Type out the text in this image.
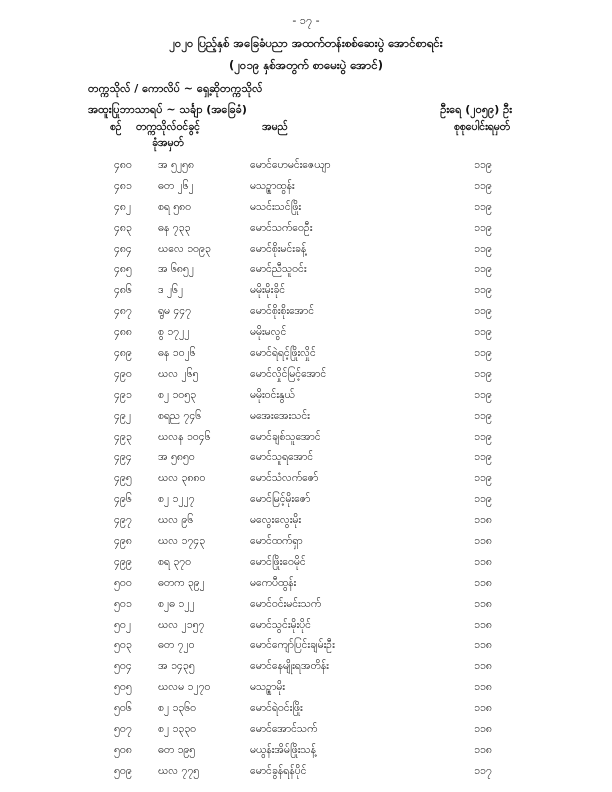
- ၁၇ -
၂၀၂၀ ပြည့်နှစ် အခြေခံပညာ အထက်တန်းစစ်ဆေးပွဲ အောင်စာရင်း
(၂၀၁၉ နှစ်အတွက် စာမေးပွဲ အောင်)
တက္ကသိုလ် / ကောလိပ် ~ ရှေ့ဆိုတက္ကသိုလ်
အထူးပြုဘာသာရပ် ~ သင်္ချာ (အခြေခံ)	ဦးရေ (၂၀၅၉) ဦး
စဉ် တက္ကသိုလ်ဝင်ခွင့်
ခုံအမှတ်
အမည်	စုစုပေါင်းရမှတ်
၄၈၀ အ ၅၂၅၈	မောင်ဟေမင်းဇေယျာ	၁၁၉
၄၈၁ ဓတ ၂၆၂	မသဉ္စာထွန်း	၁၁၉
၄၈၂	စရ ၅၈၀	မသင်းသင်ဖြိုး	၁၁၉
၄၈၃ ဓန ၇၃၃	မောင်သက်ဝေဦး	၁၁၉
၄၈၄ ဃလေ ၁၀၉၃	မောင်စိုးမင်းခန့်	၁၁၉
၄၈၅ အ ၆၈၅၂	မောင်ညီသူဝင်း	၁၁၉
၄၈၆ ဒ ၂၆၂	မမိုးမိုးခိုင်	၁၁၉
၄၈၇ ရွမ ၄၄၇	မောင်စိုးစိုးအောင်	၁၁၉
၄၈၈ စွ ၁၇၂၂	မမိုးမလွင်	၁၁၉
၄၈၉ ဓန ၁၀၂၆	မောင်ရဲရင့်ဖြိုးလှိုင်	၁၁၉
၄၉၀	ဃလ ၂၆၅	မောင်လှိုင်မြင့်အောင်	၁၁၉
၄၉၁	စ၂ ၁၀၅၃	မမိုးဝင်းနွယ်	၁၁၉
၄၉၂	စရည ၇၄၆	မအေးအေးသင်း	၁၁၉
၄၉၃	ဃလန ၁၀၄၆	မောင်ချစ်သူအောင်	၁၁၉
၄၉၄	အ ၅၈၅၀	မောင်သူရအောင်	၁၁၉
၄၉၅	ဃလ ၃၈၈၀	မောင်သံလက်ဇော်	၁၁၉
၄၉၆	စ၂ ၁၂၂၇	မောင်မြင့်မိုးဇော်	၁၁၉
၄၉၇	ဃလ ၉၆	မလွေးလွေးမိုး	၁၁၈
၄၉၈ ဃလ ၁၇၄၃	မောင်ထက်ရှာ	၁၁၈
၄၉၉	စရ ၃၇၀	မောင်ဖြိုးဝေမိုင်	၁၁၈
၅၀၀	ဓတက ၃၉၂	မကေပီထွန်း	၁၁၈
၅၀၁	စ၂ဓ ၁၂၂	မောင်ဝင်းမင်းသက်	၁၁၈
၅၀၂	ဃလ ၂၁၅၇	မောင်သွင်းမိုးပိုင်	၁၁၈
၅၀၃	ဓတ ၇၂၀	မောင်ကျော်ပြင်းချမ်းဦး	၁၁၈
၅၀၄	အ ၁၄၃၅	မောင်နေမျိုးရအတိန်း	၁၁၈
၅၀၅	ဃလမ ၁၂၇၀	မသဉ္စာမိုး	၁၁၈
၅၀၆	စ၂ ၁၃၆၀	မောင်ရဲဝင်းဖြိုး	၁၁၈
၅၀၇	စ၂ ၁၃၃၀	မောင်အောင်သက်	၁၁၈
၅၀၈ ဓတ ၁၉၅	မယွန်းအိမ်ဖြိုးသန့်	၁၁၈
၅၀၉	ဃလ ၇၇၅	မောင်ခွန်ရန်ပိုင်	၁၁၇
